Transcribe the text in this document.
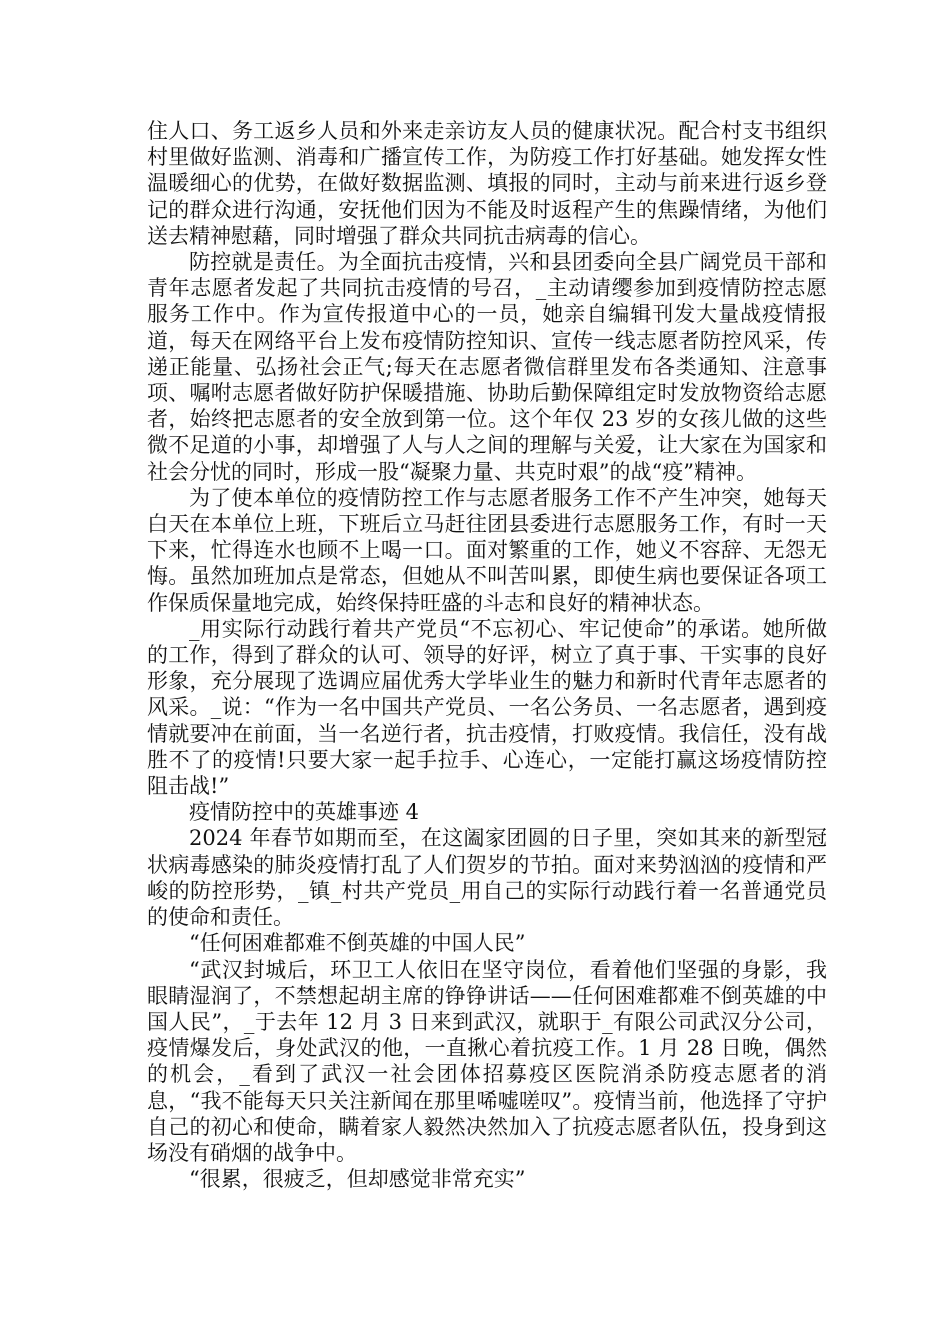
住人口、务工返乡人员和外来走亲访友人员的健康状况。配合村支书组织村里做好监测、消毒和广播宣传工作，为防疫工作打好基础。她发挥女性温暖细心的优势，在做好数据监测、填报的同时，主动与前来进行返乡登记的群众进行沟通，安抚他们因为不能及时返程产生的焦躁情绪，为他们送去精神慰藉，同时增强了群众共同抗击病毒的信心。

防控就是责任。为全面抗击疫情，兴和县团委向全县广阔党员干部和青年志愿者发起了共同抗击疫情的号召，_主动请缨参加到疫情防控志愿服务工作中。作为宣传报道中心的一员，她亲自编辑刊发大量战疫情报道，每天在网络平台上发布疫情防控知识、宣传一线志愿者防控风采，传递正能量、弘扬社会正气;每天在志愿者微信群里发布各类通知、注意事项、嘱咐志愿者做好防护保暖措施、协助后勤保障组定时发放物资给志愿者，始终把志愿者的安全放到第一位。这个年仅 23 岁的女孩儿做的这些微不足道的小事，却增强了人与人之间的理解与关爱，让大家在为国家和社会分忧的同时，形成一股“凝聚力量、共克时艰”的战“疫”精神。

为了使本单位的疫情防控工作与志愿者服务工作不产生冲突，她每天白天在本单位上班，下班后立马赶往团县委进行志愿服务工作，有时一天下来，忙得连水也顾不上喝一口。面对繁重的工作，她义不容辞、无怨无悔。虽然加班加点是常态，但她从不叫苦叫累，即使生病也要保证各项工作保质保量地完成，始终保持旺盛的斗志和良好的精神状态。

_用实际行动践行着共产党员“不忘初心、牢记使命”的承诺。她所做的工作，得到了群众的认可、领导的好评，树立了真于事、干实事的良好形象，充分展现了选调应届优秀大学毕业生的魅力和新时代青年志愿者的风采。_说：“作为一名中国共产党员、一名公务员、一名志愿者，遇到疫情就要冲在前面，当一名逆行者，抗击疫情，打败疫情。我信任，没有战胜不了的疫情!只要大家一起手拉手、心连心，一定能打赢这场疫情防控阻击战!”

疫情防控中的英雄事迹 4

2024 年春节如期而至，在这阖家团圆的日子里，突如其来的新型冠状病毒感染的肺炎疫情打乱了人们贺岁的节拍。面对来势汹汹的疫情和严峻的防控形势，_镇_村共产党员_用自己的实际行动践行着一名普通党员的使命和责任。

“任何困难都难不倒英雄的中国人民”

“武汉封城后，环卫工人依旧在坚守岗位，看着他们坚强的身影，我眼睛湿润了，不禁想起胡主席的铮铮讲话——任何困难都难不倒英雄的中国人民”，_于去年 12 月 3 日来到武汉，就职于_有限公司武汉分公司，疫情爆发后，身处武汉的他，一直揪心着抗疫工作。1 月 28 日晚，偶然的机会，_看到了武汉一社会团体招募疫区医院消杀防疫志愿者的消息，“我不能每天只关注新闻在那里唏嘘嗟叹”。疫情当前，他选择了守护自己的初心和使命，瞒着家人毅然决然加入了抗疫志愿者队伍，投身到这场没有硝烟的战争中。

“很累，很疲乏，但却感觉非常充实”
